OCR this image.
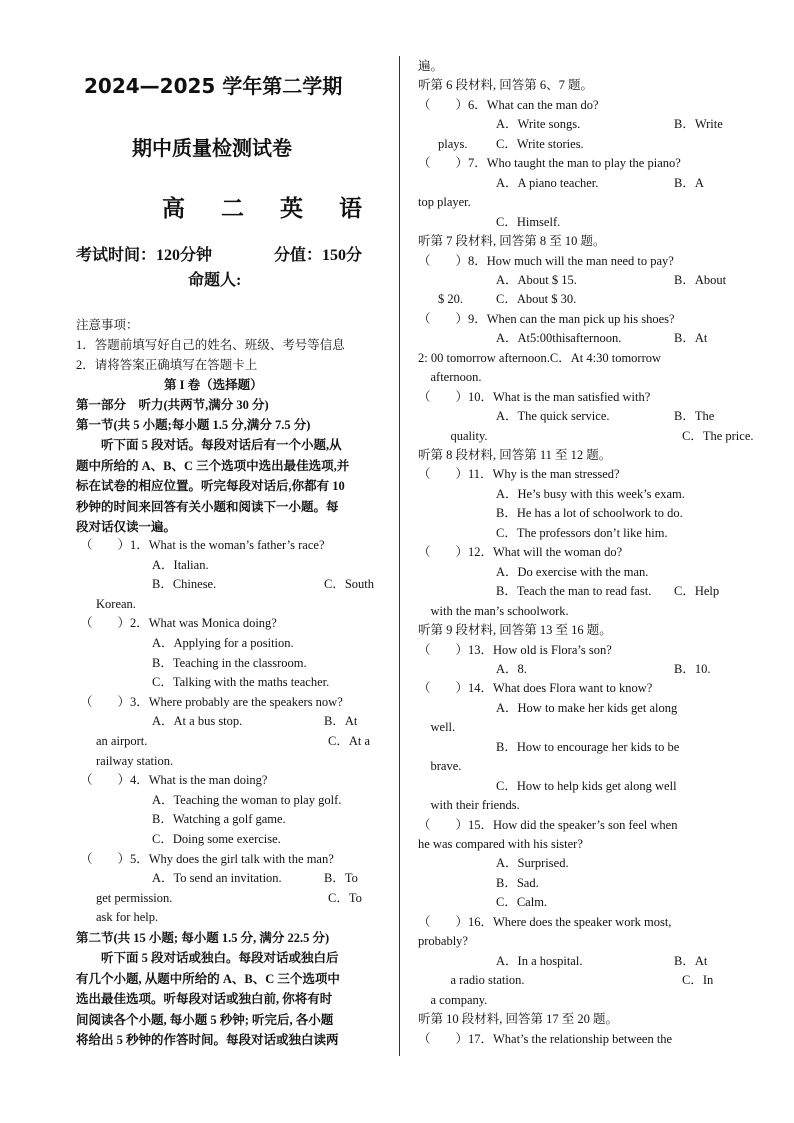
2024—2025 学年第二学期
期中质量检测试卷
高 二 英 语
考试时间：120分钟	分值：150分
命题人:
注意事项：
1．答题前填写好自己的姓名、班级、考号等信息
2．请将答案正确填写在答题卡上
第 I 卷（选择题）
第一部分　听力(共两节,满分 30 分)
第一节(共 5 小题;每小题 1.5 分,满分 7.5 分)
　　听下面 5 段对话。每段对话后有一个小题,从
题中所给的 A、B、C 三个选项中选出最佳选项,并
标在试卷的相应位置。听完每段对话后,你都有 10
秒钟的时间来回答有关小题和阅读下一小题。每
段对话仅读一遍。
（　　）1．What is the woman’s father’s race?
A．Italian.
B．Chinese.	C．South
Korean.
（　　）2．What was Monica doing?
A．Applying for a position.
B．Teaching in the classroom.
C．Talking with the maths teacher.
（　　）3．Where probably are the speakers now?
A．At a bus stop.	B．At
an airport.	C．At a
railway station.
（　　）4．What is the man doing?
A．Teaching the woman to play golf.
B．Watching a golf game.
C．Doing some exercise.
（　　）5．Why does the girl talk with the man?
A．To send an invitation.	B．To
get permission.	C．To
ask for help.
第二节(共 15 小题; 每小题 1.5 分, 满分 22.5 分)
　　听下面 5 段对话或独白。每段对话或独白后
有几个小题, 从题中所给的 A、B、C 三个选项中
选出最佳选项。听每段对话或独白前, 你将有时
间阅读各个小题, 每小题 5 秒钟; 听完后, 各小题
将给出 5 秒钟的作答时间。每段对话或独白读两
遍。
听第 6 段材料, 回答第 6、7 题。
（　　）6．What can the man do?
A．Write songs.	B．Write
plays. C．Write stories.
（　　）7．Who taught the man to play the piano?
A．A piano teacher.	B．A
top player.
C．Himself.
听第 7 段材料, 回答第 8 至 10 题。
（　　）8．How much will the man need to pay?
A．About $ 15.	B．About
$ 20.	C．About $ 30.
（　　）9．When can the man pick up his shoes?
A．At5:00thisafternoon.	B．At
2: 00 tomorrow afternoon.C．At 4:30 tomorrow
　afternoon.
（　　）10．What is the man satisfied with?
A．The quick service.	B．The
　quality.	C．The price.
听第 8 段材料, 回答第 11 至 12 题。
（　　）11．Why is the man stressed?
A．He’s busy with this week’s exam.
B．He has a lot of schoolwork to do.
C．The professors don’t like him.
（　　）12．What will the woman do?
A．Do exercise with the man.
B．Teach the man to read fast. C．Help
　with the man’s schoolwork.
听第 9 段材料, 回答第 13 至 16 题。
（　　）13．How old is Flora’s son?
A．8.	B．10.
（　　）14．What does Flora want to know?
A．How to make her kids get along
　well.
B．How to encourage her kids to be
　brave.
C．How to help kids get along well
　with their friends.
（　　）15．How did the speaker’s son feel when
he was compared with his sister?
A．Surprised.
B．Sad.
C．Calm.
（　　）16．Where does the speaker work most,
probably?
A．In a hospital.	B．At
　a radio station.	C．In
　a company.
听第 10 段材料, 回答第 17 至 20 题。
（　　）17．What’s the relationship between the
